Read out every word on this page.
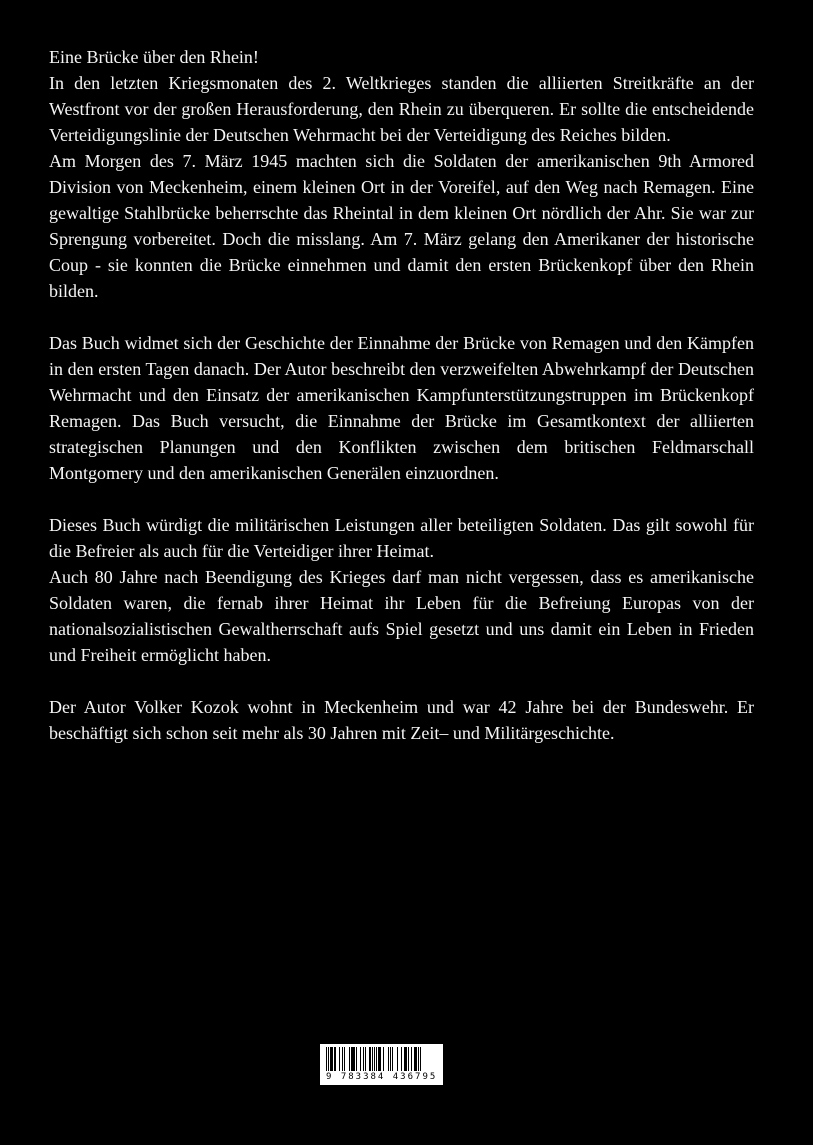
Eine Brücke über den Rhein!

In den letzten Kriegsmonaten des 2. Weltkrieges standen die alliierten Streitkräfte an der Westfront vor der großen Herausforderung, den Rhein zu überqueren. Er sollte die entscheidende Verteidigungslinie der Deutschen Wehrmacht bei der Verteidigung des Reiches bilden.

Am Morgen des 7. März 1945 machten sich die Soldaten der amerikanischen 9th Armored Division von Meckenheim, einem kleinen Ort in der Voreifel, auf den Weg nach Remagen. Eine gewaltige Stahlbrücke beherrschte das Rheintal in dem kleinen Ort nördlich der Ahr. Sie war zur Sprengung vorbereitet. Doch die misslang. Am 7. März gelang den Amerikaner der historische Coup - sie konnten die Brücke einnehmen und damit den ersten Brückenkopf über den Rhein bilden.

Das Buch widmet sich der Geschichte der Einnahme der Brücke von Remagen und den Kämpfen in den ersten Tagen danach. Der Autor beschreibt den verzweifelten Abwehrkampf der Deutschen Wehrmacht und den Einsatz der amerikanischen Kampfunterstützungstruppen im Brückenkopf Remagen. Das Buch versucht, die Einnahme der Brücke im Gesamtkontext der alliierten strategischen Planungen und den Konflikten zwischen dem britischen Feldmarschall Montgomery und den amerikanischen Generälen einzuordnen.

Dieses Buch würdigt die militärischen Leistungen aller beteiligten Soldaten. Das gilt sowohl für die Befreier als auch für die Verteidiger ihrer Heimat.

Auch 80 Jahre nach Beendigung des Krieges darf man nicht vergessen, dass es amerikanische Soldaten waren, die fernab ihrer Heimat ihr Leben für die Befreiung Europas von der nationalsozialistischen Gewaltherrschaft aufs Spiel gesetzt und uns damit ein Leben in Frieden und Freiheit ermöglicht haben.

Der Autor Volker Kozok wohnt in Meckenheim und war 42 Jahre bei der Bundeswehr. Er beschäftigt sich schon seit mehr als 30 Jahren mit Zeit– und Militärgeschichte.

9 783384 436795
